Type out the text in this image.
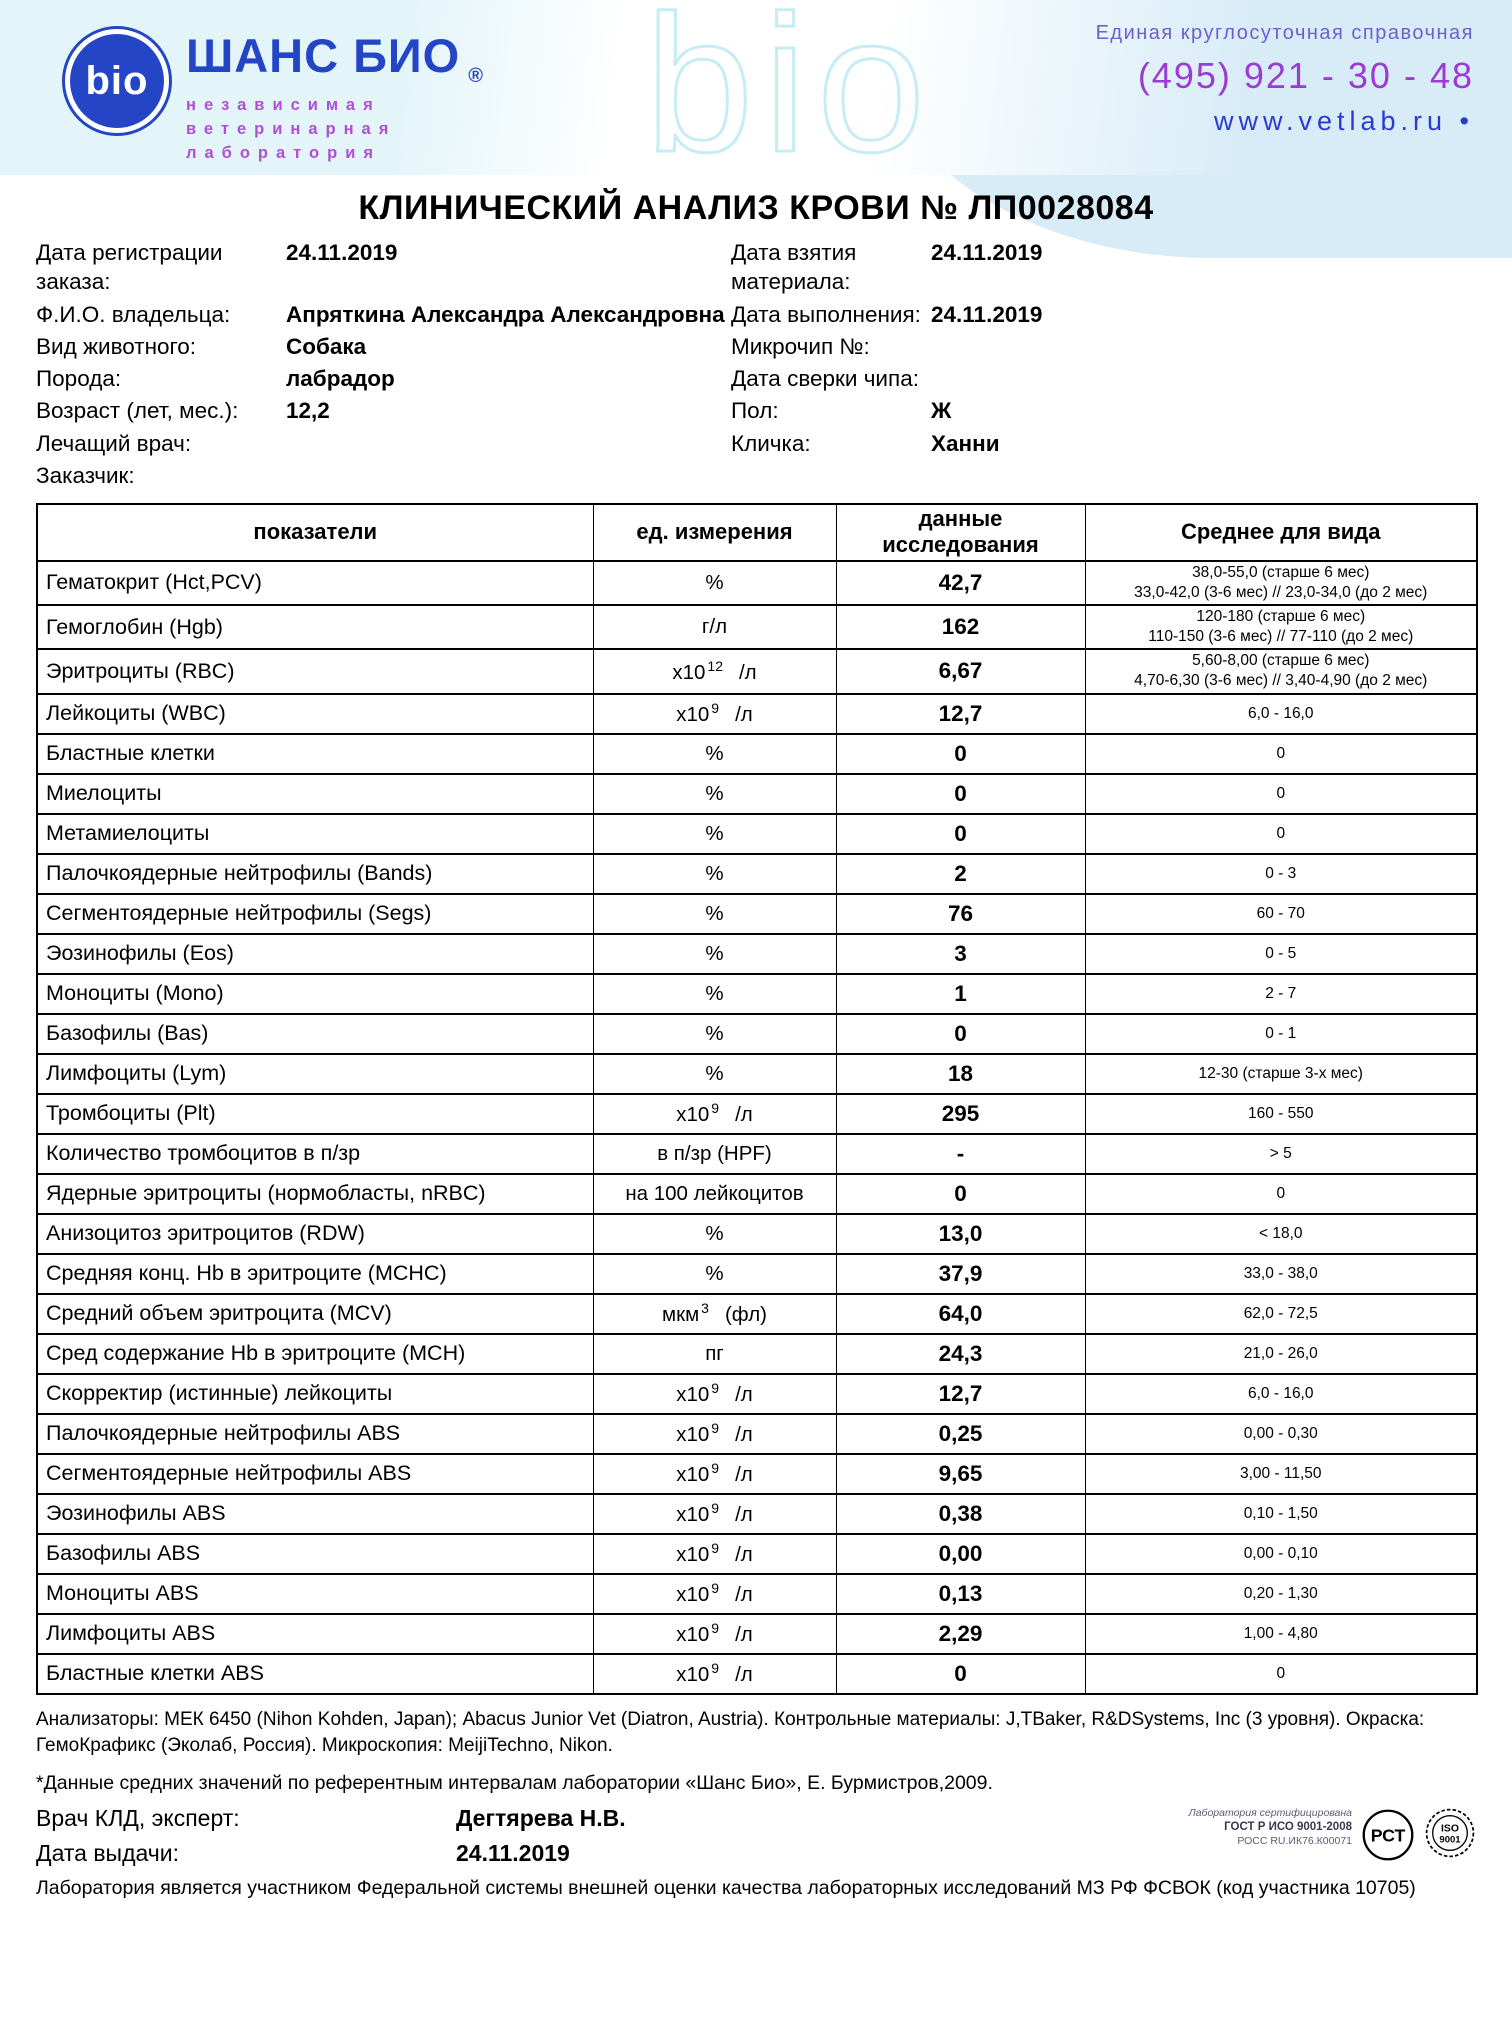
bio
bio ШАНС БИО $_®$
независимая
ветеринарная
лаборатория
Единая круглосуточная справочная
(495) 921 - 30 - 48
www.vetlab.ru •
КЛИНИЧЕСКИЙ АНАЛИЗ КРОВИ № ЛП0028084
Дата регистрации заказа:
24.11.2019
Ф.И.О. владельца:	Апряткина Александра Александровна
Вид животного:	Собака
Порода:	лабрадор
Возраст (лет, мес.):	12,2
Лечащий врач:
Заказчик:
Дата взятия материала:
24.11.2019
Дата выполнения: 24.11.2019
Микрочип №:
Дата сверки чипа:
Пол:	Ж
Кличка:	Ханни
показатели	ед. измерения	данные исследования	Среднее для вида
Гематокрит (Hct,PCV)	%	42,7	38,0-55,0 (старше 6 мес)
33,0-42,0 (3-6 мес) // 23,0-34,0 (до 2 мес)

Гемоглобин (Hgb)	г/л	162	120-180 (старше 6 мес)
110-150 (3-6 мес) // 77-110 (до 2 мес)

Эритроциты (RBC)	x10 $^{12}$ /л	6,67	5,60-8,00 (старше 6 мес)
4,70-6,30 (3-6 мес) // 3,40-4,90 (до 2 мес)

Лейкоциты (WBC)	x10 $^9$ /л	12,7	6,0 - 16,0

Бластные клетки	%	0	0

Миелоциты	%	0	0

Метамиелоциты	%	0	0

Палочкоядерные нейтрофилы (Bands)	%	2	0 - 3

Сегментоядерные нейтрофилы (Segs)	%	76	60 - 70

Эозинофилы (Eos)	%	3	0 - 5

Моноциты (Mono)	%	1	2 - 7

Базофилы (Bas)	%	0	0 - 1

Лимфоциты (Lym)	%	18	12-30 (старше 3-х мес)

Тромбоциты (Plt)	x10 $^9$ /л	295	160 - 550

Количество тромбоцитов в п/зр	в п/зр (HPF)	-	> 5

Ядерные эритроциты (нормобласты, nRBC)	на 100 лейкоцитов	0	0

Анизоцитоз эритроцитов (RDW)	%	13,0	< 18,0

Средняя конц. Hb в эритроците (MCHC)	%	37,9	33,0 - 38,0

Средний объем эритроцита (MCV)	мкм $^3$ (фл)	64,0	62,0 - 72,5

Сред содержание Hb в эритроците (MCH)	пг	24,3	21,0 - 26,0

Скорректир (истинные) лейкоциты	x10 $^9$ /л	12,7	6,0 - 16,0

Палочкоядерные нейтрофилы ABS	x10 $^9$ /л	0,25	0,00 - 0,30

Сегментоядерные нейтрофилы ABS	x10 $^9$ /л	9,65	3,00 - 11,50

Эозинофилы ABS	x10 $^9$ /л	0,38	0,10 - 1,50

Базофилы ABS	x10 $^9$ /л	0,00	0,00 - 0,10

Моноциты ABS	x10 $^9$ /л	0,13	0,20 - 1,30

Лимфоциты ABS	x10 $^9$ /л	2,29	1,00 - 4,80

Бластные клетки ABS	x10 $^9$ /л	0	0
Анализаторы: МЕК 6450 (Nihon Kohden, Japan); Abacus Junior Vet (Diatron, Austria). Контрольные материалы: J,TBaker, R&DSystems, Inc (3 уровня). Окраска: ГемоКрафикс (Эколаб, Россия). Микроскопия: MeijiTechno, Nikon.
*Данные средних значений по референтным интервалам лаборатории «Шанс Био», Е. Бурмистров,2009.
Врач КЛД, эксперт:	Дегтярева Н.В.
Дата выдачи:	24.11.2019
Лаборатория сертифицирована
ГОСТ Р ИСО 9001-2008
РОСС RU.ИК76.К00071 РСТ	ISO
9001
Лаборатория является участником Федеральной системы внешней оценки качества лабораторных исследований МЗ РФ ФСВОК (код участника 10705)
